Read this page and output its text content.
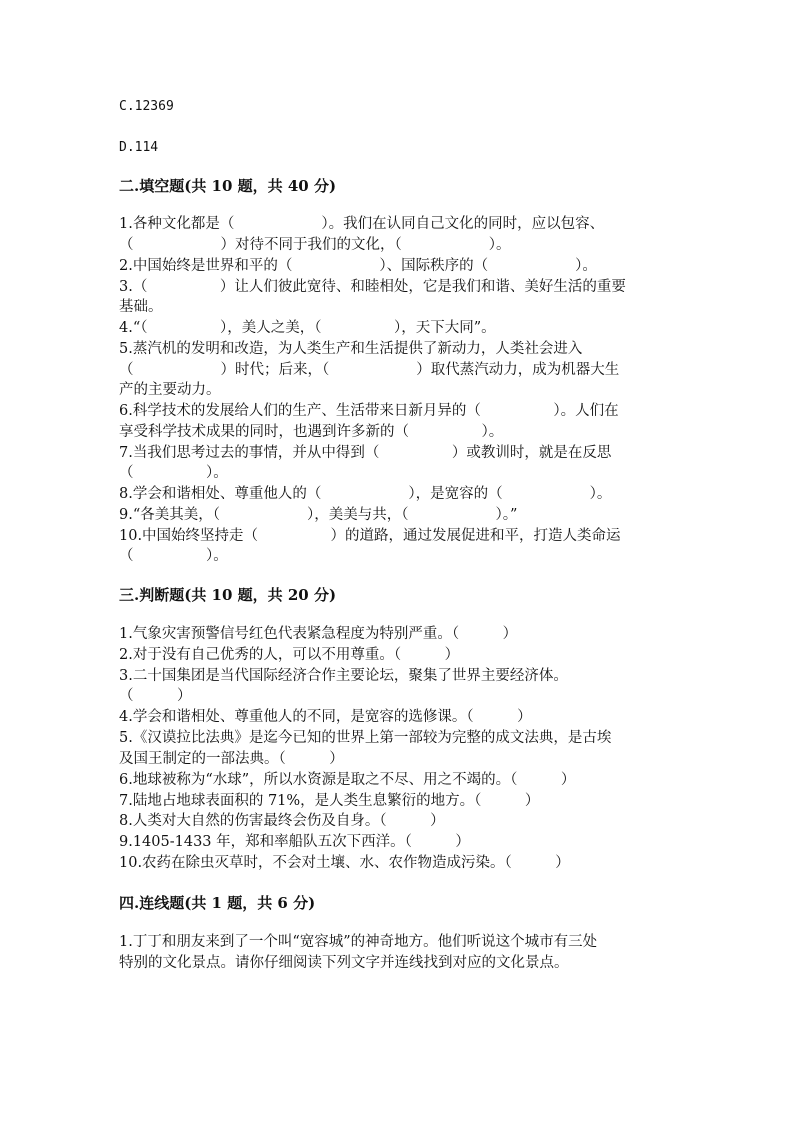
C.12369
D.114
二.填空题(共 10 题，共 40 分)
1.各种文化都是（　　　　　　）。我们在认同自己文化的同时，应以包容、
（　　　　　　）对待不同于我们的文化，（　　　　　　）。
2.中国始终是世界和平的（　　　　　　）、国际秩序的（　　　　　　）。
3.（　　　　　）让人们彼此宽待、和睦相处，它是我们和谐、美好生活的重要
基础。
4.“（　　　　　），美人之美，（　　　　　），天下大同”。
5.蒸汽机的发明和改造，为人类生产和生活提供了新动力，人类社会进入
（　　　　　　）时代；后来，（　　　　　　）取代蒸汽动力，成为机器大生
产的主要动力。
6.科学技术的发展给人们的生产、生活带来日新月异的（　　　　　）。人们在
享受科学技术成果的同时，也遇到许多新的（　　　　　）。
7.当我们思考过去的事情，并从中得到（　　　　　）或教训时，就是在反思
（　　　　　）。
8.学会和谐相处、尊重他人的（　　　　　　），是宽容的（　　　　　　）。
9.“各美其美，（　　　　　　），美美与共，（　　　　　　）。”
10.中国始终坚持走（　　　　　）的道路，通过发展促进和平，打造人类命运
（　　　　　）。
三.判断题(共 10 题，共 20 分)
1.气象灾害预警信号红色代表紧急程度为特别严重。（　　　）
2.对于没有自己优秀的人，可以不用尊重。（　　　）
3.二十国集团是当代国际经济合作主要论坛，聚集了世界主要经济体。
（　　　）
4.学会和谐相处、尊重他人的不同，是宽容的选修课。（　　　）
5.《汉谟拉比法典》是迄今已知的世界上第一部较为完整的成文法典，是古埃
及国王制定的一部法典。（　　　）
6.地球被称为“水球”，所以水资源是取之不尽、用之不竭的。（　　　）
7.陆地占地球表面积的 71%，是人类生息繁衍的地方。（　　　）
8.人类对大自然的伤害最终会伤及自身。（　　　）
9.1405-1433 年，郑和率船队五次下西洋。（　　　）
10.农药在除虫灭草时，不会对土壤、水、农作物造成污染。（　　　）
四.连线题(共 1 题，共 6 分)
1.丁丁和朋友来到了一个叫“宽容城”的神奇地方。他们听说这个城市有三处
特别的文化景点。请你仔细阅读下列文字并连线找到对应的文化景点。
